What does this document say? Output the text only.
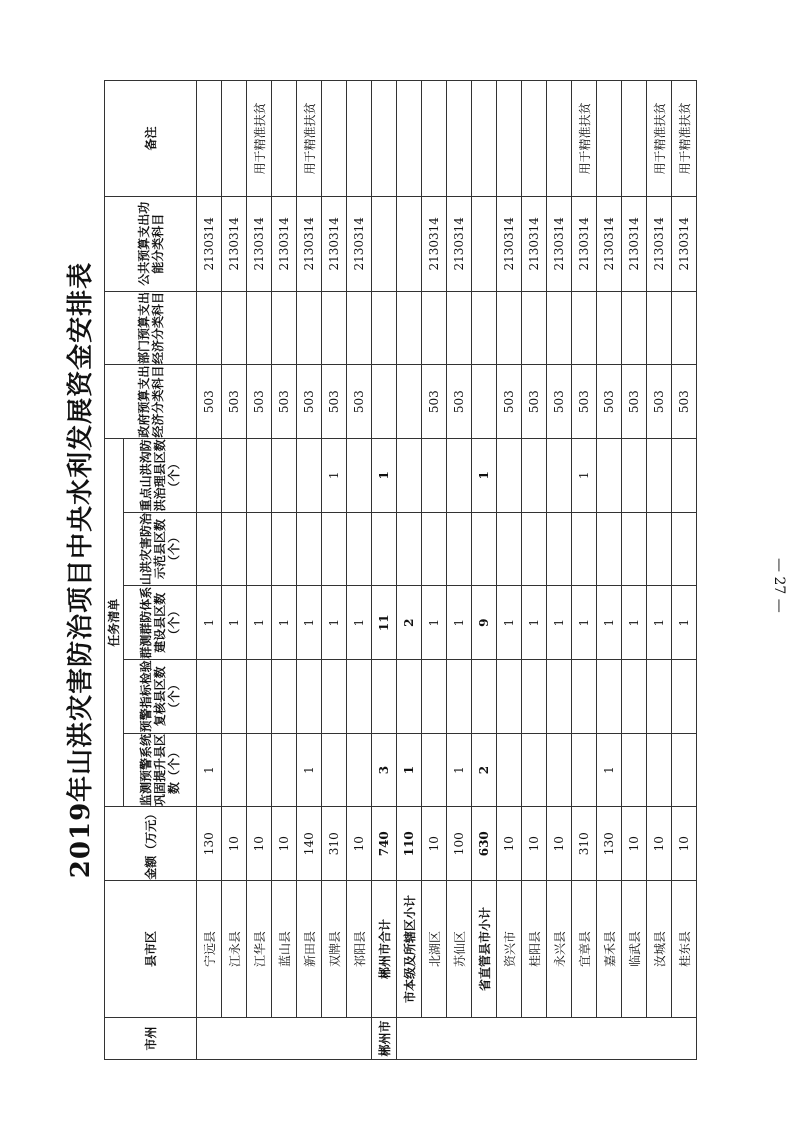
2019年山洪灾害防治项目中央水利发展资金安排表
市州	县市区	金额（万元）	任务清单					政府预算支出经济分类科目	部门预算支出经济分类科目	公共预算支出功能分类科目	备注
			监测预警系统巩固提升县区数（个）	预警指标检验复核县区数（个）	群测群防体系建设县区数（个）	山洪灾害防治示范县区数（个）	重点山洪沟防洪治理县区数（个）				
	宁远县	130	1		1			503		2130314	
	江永县	10			1			503		2130314	
	江华县	10			1			503		2130314	用于精准扶贫
	蓝山县	10			1			503		2130314	
	新田县	140	1		1			503		2130314	用于精准扶贫
	双牌县	310			1		1	503		2130314	
	祁阳县	10			1			503		2130314	
郴州市	郴州市合计	740	3		11		1				
	市本级及所辖区小计	110	1		2						
	北湖区	10			1			503		2130314	
	苏仙区	100	1		1			503		2130314	
	省直管县市小计	630	2		9		1				
	资兴市	10			1			503		2130314	
	桂阳县	10			1			503		2130314	
	永兴县	10			1			503		2130314	
	宜章县	310			1		1	503		2130314	用于精准扶贫
	嘉禾县	130	1		1			503		2130314	
	临武县	10			1			503		2130314	
	汝城县	10			1			503		2130314	用于精准扶贫
	桂东县	10			1			503		2130314	用于精准扶贫
— 27 —
